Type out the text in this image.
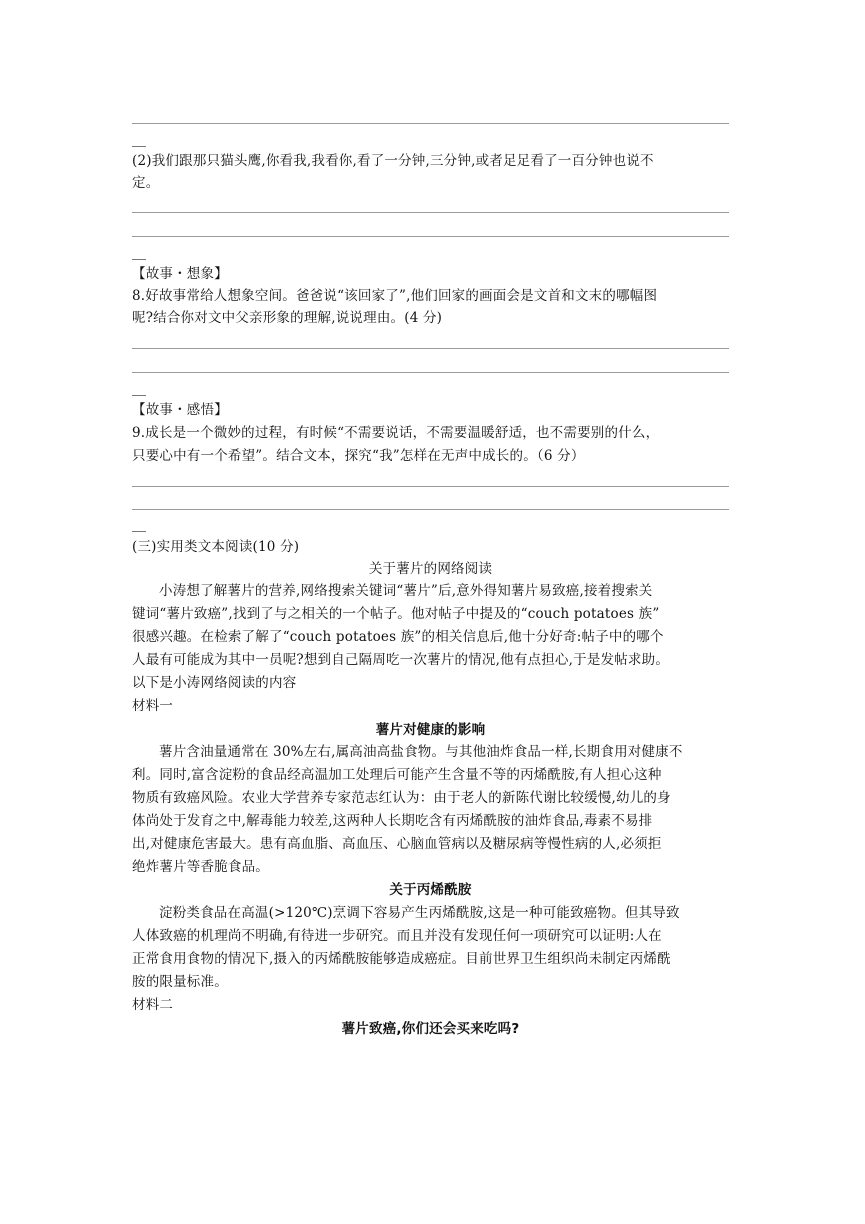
(2)我们跟那只猫头鹰,你看我,我看你,看了一分钟,三分钟,或者足足看了一百分钟也说不
定。
【故事・想象】
8.好故事常给人想象空间。爸爸说“该回家了”,他们回家的画面会是文首和文末的哪幅图
呢?结合你对文中父亲形象的理解,说说理由。(4 分)
【故事・感悟】
9.成长是一个微妙的过程，有时候“不需要说话，不需要温暖舒适，也不需要别的什么，
只要心中有一个希望”。结合文本，探究“我”怎样在无声中成长的。（6 分）
(三)实用类文本阅读(10 分)
关于薯片的网络阅读
小涛想了解薯片的营养,网络搜索关键词“薯片”后,意外得知薯片易致癌,接着搜索关
键词“薯片致癌”,找到了与之相关的一个帖子。他对帖子中提及的“couch potatoes 族”
很感兴趣。在检索了解了“couch potatoes 族”的相关信息后,他十分好奇:帖子中的哪个
人最有可能成为其中一员呢?想到自己隔周吃一次薯片的情况,他有点担心,于是发帖求助。
以下是小涛网络阅读的内容
材料一
薯片对健康的影响
薯片含油量通常在 30%左右,属高油高盐食物。与其他油炸食品一样,长期食用对健康不
利。同时,富含淀粉的食品经高温加工处理后可能产生含量不等的丙烯酰胺,有人担心这种
物质有致癌风险。农业大学营养专家范志红认为：由于老人的新陈代谢比较缓慢,幼儿的身
体尚处于发育之中,解毒能力较差,这两种人长期吃含有丙烯酰胺的油炸食品,毒素不易排
出,对健康危害最大。患有高血脂、高血压、心脑血管病以及糖尿病等慢性病的人,必须拒
绝炸薯片等香脆食品。
关于丙烯酰胺
淀粉类食品在高温(>120℃)烹调下容易产生丙烯酰胺,这是一种可能致癌物。但其导致
人体致癌的机理尚不明确,有待进一步研究。而且并没有发现任何一项研究可以证明:人在
正常食用食物的情况下,摄入的丙烯酰胺能够造成癌症。目前世界卫生组织尚未制定丙烯酰
胺的限量标准。
材料二
薯片致癌,你们还会买来吃吗?
